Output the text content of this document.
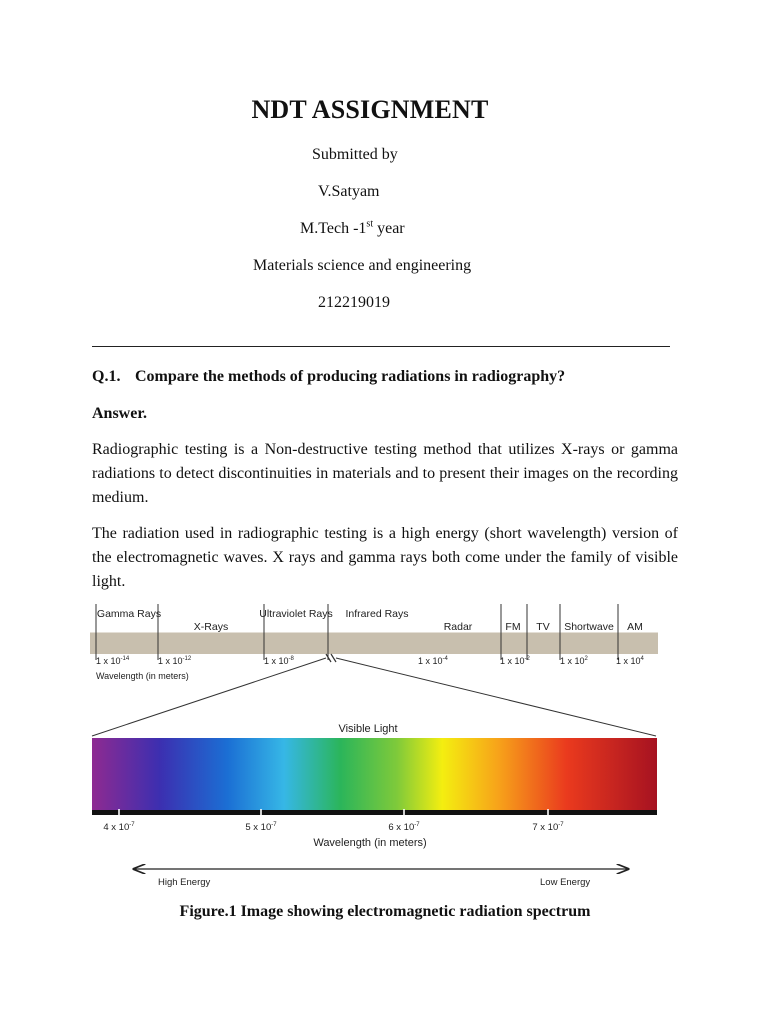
NDT ASSIGNMENT
Submitted by
V.Satyam
M.Tech -1st year
Materials science and engineering
212219019
Q.1. Compare the methods of producing radiations in radiography?
Answer.

Radiographic testing is a Non-destructive testing method that utilizes X-rays or gamma radiations to detect discontinuities in materials and to present their images on the recording medium.

The radiation used in radiographic testing is a high energy (short wavelength) version of the electromagnetic waves. X rays and gamma rays both come under the family of visible light.

Gamma Rays
X-Rays
Ultraviolet Rays Infrared Rays
Radar	FM TV Shortwave AM
1 x $10^{-14}$	1 x $10^{-12}$	1 x $10^{-8}$	1 x $10^{-4}$	1 x $10^{-2}$	1 x $10^2$	1 x $10^4$
Wavelength (in meters)
Visible Light
4 x $10^{-7}$	5 x $10^{-7}$	6 x $10^{-7}$	7 x $10^{-7}$
Wavelength (in meters)
High Energy	Low Energy
Figure.1 Image showing electromagnetic radiation spectrum
